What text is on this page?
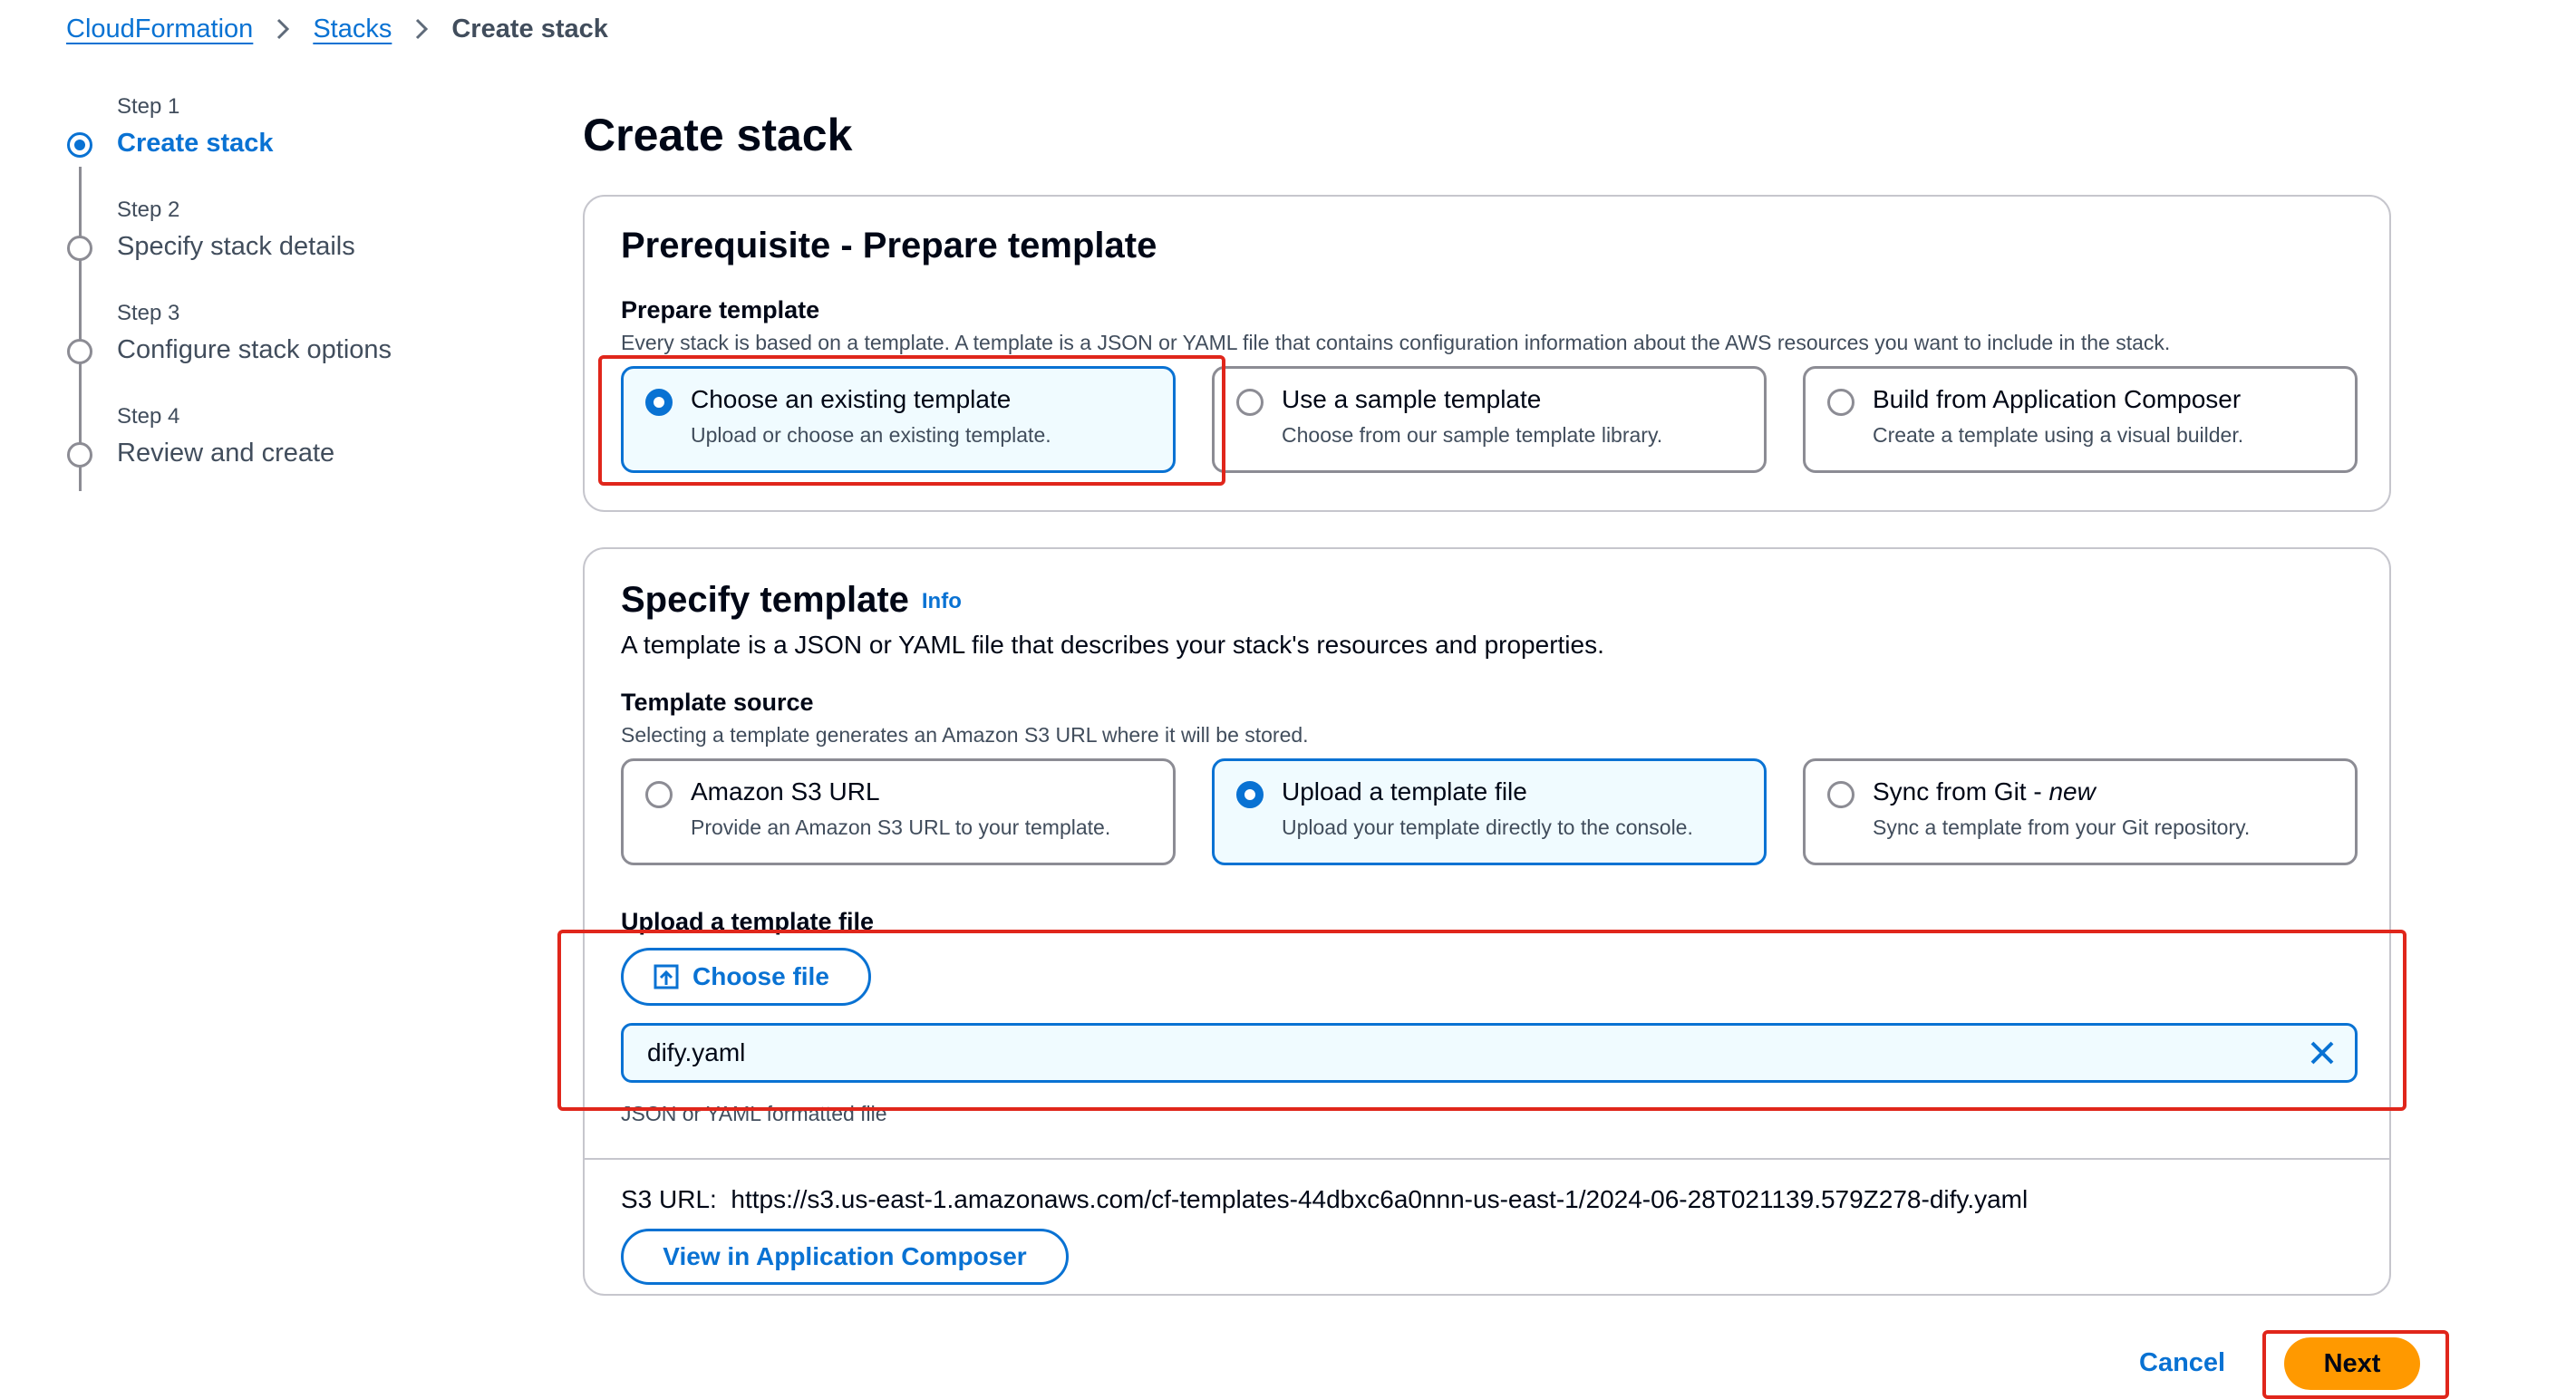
CloudFormation Stacks Create stack
Step 1
Create stack
Step 2
Specify stack details
Step 3
Configure stack options
Step 4
Review and create
Create stack
Prerequisite - Prepare template
Prepare template
Every stack is based on a template. A template is a JSON or YAML file that contains configuration information about the AWS resources you want to include in the stack.
Choose an existing template
Upload or choose an existing template.
Use a sample template
Choose from our sample template library.
Build from Application Composer
Create a template using a visual builder.
Specify template Info
A template is a JSON or YAML file that describes your stack's resources and properties.
Template source
Selecting a template generates an Amazon S3 URL where it will be stored.
Amazon S3 URL
Provide an Amazon S3 URL to your template.
Upload a template file
Upload your template directly to the console.
Sync from Git - new
Sync a template from your Git repository.
Upload a template file
Choose file
dify.yaml
JSON or YAML formatted file
S3 URL: https://s3.us-east-1.amazonaws.com/cf-templates-44dbxc6a0nnn-us-east-1/2024-06-28T021139.579Z278-dify.yaml
View in Application Composer
Cancel	Next
